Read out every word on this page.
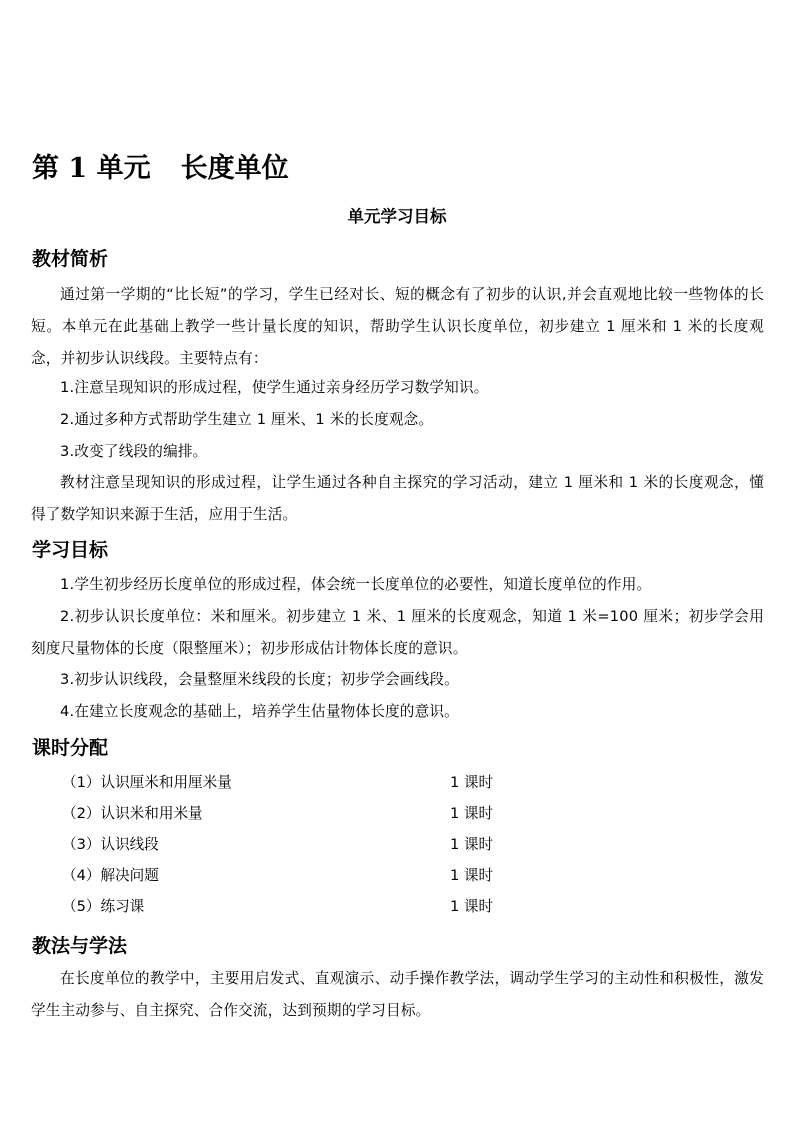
第 1 单元 长度单位
单元学习目标
教材简析
通过第一学期的“比长短”的学习，学生已经对长、短的概念有了初步的认识,并会直观地比较一些物体的长短。本单元在此基础上教学一些计量长度的知识，帮助学生认识长度单位，初步建立 1 厘米和 1 米的长度观念，并初步认识线段。主要特点有：
1.注意呈现知识的形成过程，使学生通过亲身经历学习数学知识。
2.通过多种方式帮助学生建立 1 厘米、1 米的长度观念。
3.改变了线段的编排。
教材注意呈现知识的形成过程，让学生通过各种自主探究的学习活动，建立 1 厘米和 1 米的长度观念，懂得了数学知识来源于生活，应用于生活。
学习目标
1.学生初步经历长度单位的形成过程，体会统一长度单位的必要性，知道长度单位的作用。
2.初步认识长度单位：米和厘米。初步建立 1 米、1 厘米的长度观念，知道 1 米=100 厘米；初步学会用刻度尺量物体的长度（限整厘米）；初步形成估计物体长度的意识。
3.初步认识线段，会量整厘米线段的长度；初步学会画线段。
4.在建立长度观念的基础上，培养学生估量物体长度的意识。
课时分配
（1）认识厘米和用厘米量	1 课时
（2）认识米和用米量	1 课时
（3）认识线段	1 课时
（4）解决问题	1 课时
（5）练习课	1 课时
教法与学法
在长度单位的教学中，主要用启发式、直观演示、动手操作教学法，调动学生学习的主动性和积极性，激发学生主动参与、自主探究、合作交流，达到预期的学习目标。
